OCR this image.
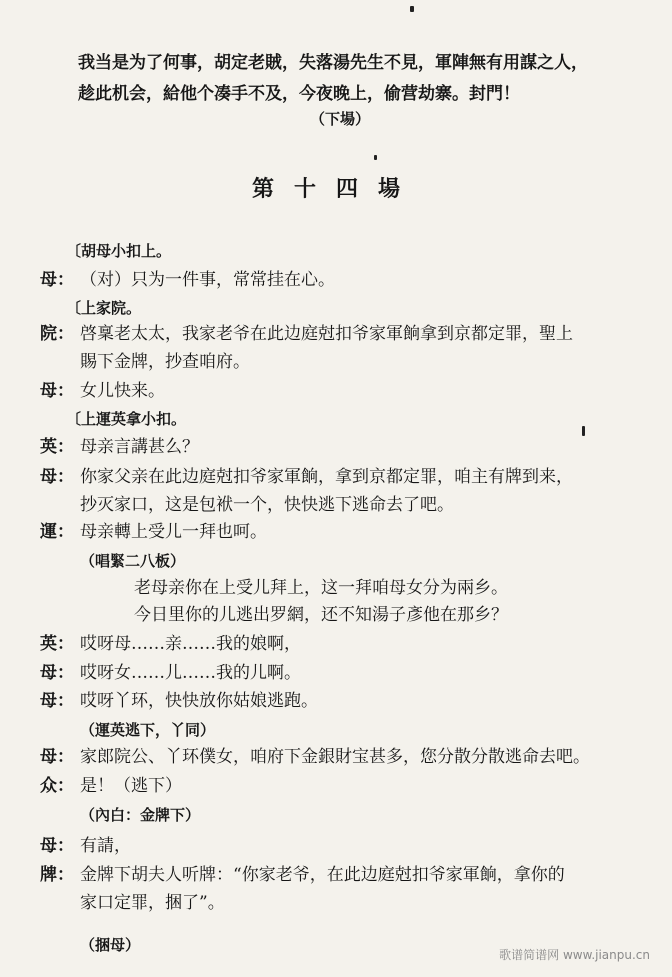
我当是为了何事，胡定老賊，失落湯先生不見，軍陣無有用謀之人，
趁此机会，給他个凑手不及，今夜晚上，偷营劫寨。封門！
（下場）
第十四場
〔胡母小扣上。
母： （对）只为一件事，常常挂在心。
〔上家院。
院： 啓稟老太太，我家老爷在此边庭尅扣爷家軍餉拿到京都定罪，聖上
賜下金牌，抄查咱府。
母： 女儿快来。
〔上運英拿小扣。
英： 母亲言講甚么？
母： 你家父亲在此边庭尅扣爷家軍餉，拿到京都定罪，咱主有牌到来，
抄灭家口，这是包袱一个，快快逃下逃命去了吧。
運： 母亲轉上受儿一拜也呵。
（唱緊二八板）
老母亲你在上受儿拜上，这一拜咱母女分为兩乡。
今日里你的儿逃出罗網，还不知湯子彥他在那乡？
英： 哎呀母……亲……我的娘啊，
母： 哎呀女……儿……我的儿啊。
母： 哎呀丫环，快快放你姑娘逃跑。
（運英逃下，丫同）
母： 家郎院公、丫环僕女，咱府下金銀財宝甚多，您分散分散逃命去吧。
众： 是！（逃下）
（內白：金牌下）
母： 有請，
牌： 金牌下胡夫人听牌：“你家老爷，在此边庭尅扣爷家軍餉，拿你的
家口定罪，捆了”。
（捆母）
歌谱简谱网 www.jianpu.cn
